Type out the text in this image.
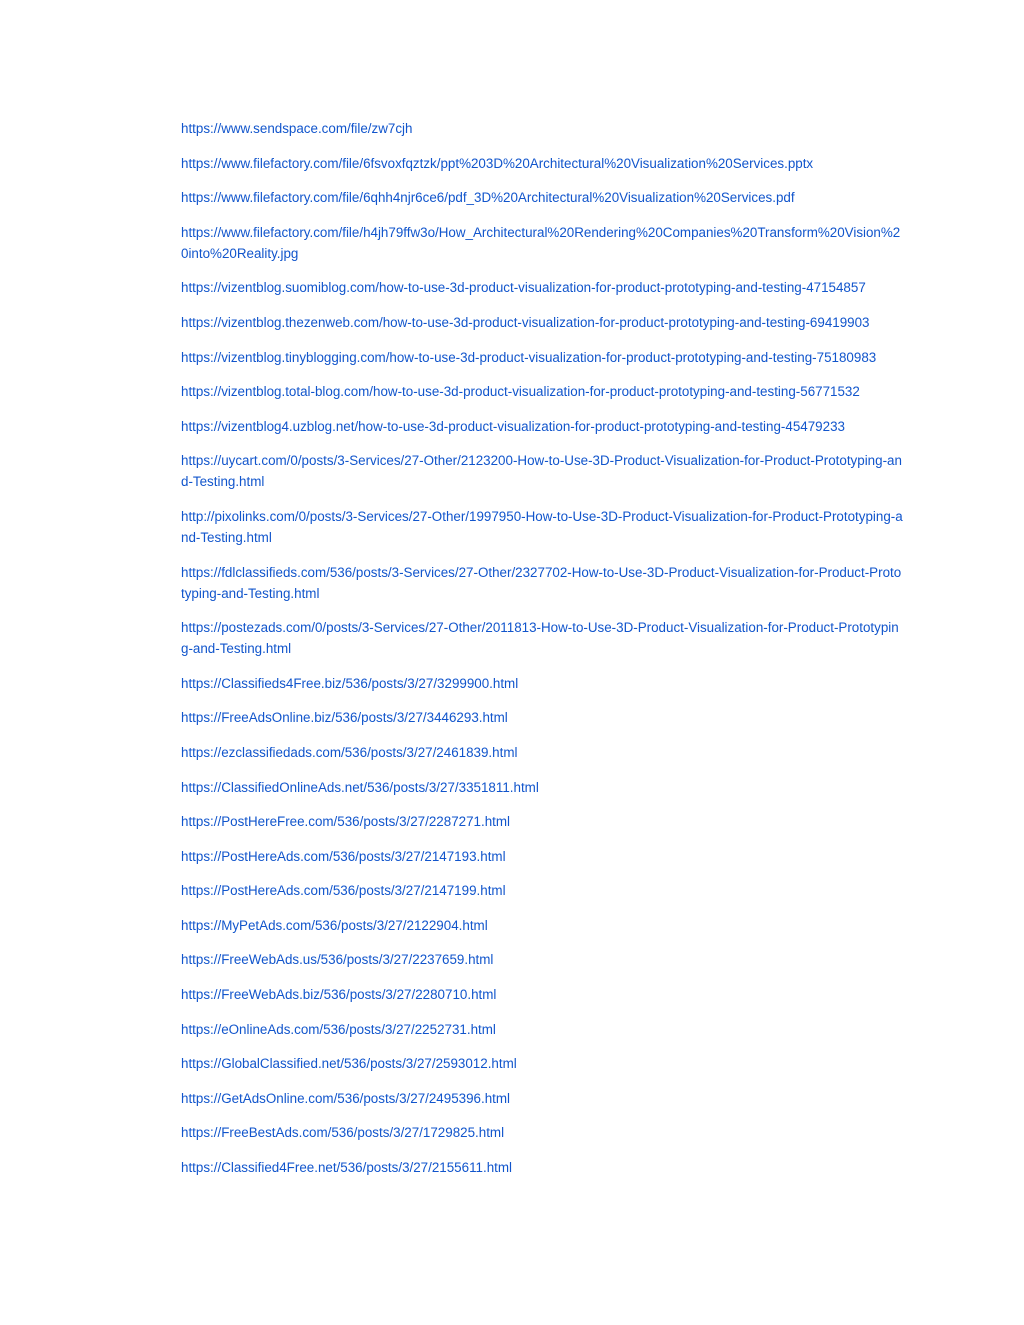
https://www.sendspace.com/file/zw7cjh
https://www.filefactory.com/file/6fsvoxfqztzk/ppt%203D%20Architectural%20Visualization%20Services.pptx
https://www.filefactory.com/file/6qhh4njr6ce6/pdf_3D%20Architectural%20Visualization%20Services.pdf
https://www.filefactory.com/file/h4jh79ffw3o/How_Architectural%20Rendering%20Companies%20Transform%20Vision%20into%20Reality.jpg
https://vizentblog.suomiblog.com/how-to-use-3d-product-visualization-for-product-prototyping-and-testing-47154857
https://vizentblog.thezenweb.com/how-to-use-3d-product-visualization-for-product-prototyping-and-testing-69419903
https://vizentblog.tinyblogging.com/how-to-use-3d-product-visualization-for-product-prototyping-and-testing-75180983
https://vizentblog.total-blog.com/how-to-use-3d-product-visualization-for-product-prototyping-and-testing-56771532
https://vizentblog4.uzblog.net/how-to-use-3d-product-visualization-for-product-prototyping-and-testing-45479233
https://uycart.com/0/posts/3-Services/27-Other/2123200-How-to-Use-3D-Product-Visualization-for-Product-Prototyping-and-Testing.html
http://pixolinks.com/0/posts/3-Services/27-Other/1997950-How-to-Use-3D-Product-Visualization-for-Product-Prototyping-and-Testing.html
https://fdlclassifieds.com/536/posts/3-Services/27-Other/2327702-How-to-Use-3D-Product-Visualization-for-Product-Prototyping-and-Testing.html
https://postezads.com/0/posts/3-Services/27-Other/2011813-How-to-Use-3D-Product-Visualization-for-Product-Prototyping-and-Testing.html
https://Classifieds4Free.biz/536/posts/3/27/3299900.html
https://FreeAdsOnline.biz/536/posts/3/27/3446293.html
https://ezclassifiedads.com/536/posts/3/27/2461839.html
https://ClassifiedOnlineAds.net/536/posts/3/27/3351811.html
https://PostHereFree.com/536/posts/3/27/2287271.html
https://PostHereAds.com/536/posts/3/27/2147193.html
https://PostHereAds.com/536/posts/3/27/2147199.html
https://MyPetAds.com/536/posts/3/27/2122904.html
https://FreeWebAds.us/536/posts/3/27/2237659.html
https://FreeWebAds.biz/536/posts/3/27/2280710.html
https://eOnlineAds.com/536/posts/3/27/2252731.html
https://GlobalClassified.net/536/posts/3/27/2593012.html
https://GetAdsOnline.com/536/posts/3/27/2495396.html
https://FreeBestAds.com/536/posts/3/27/1729825.html
https://Classified4Free.net/536/posts/3/27/2155611.html
